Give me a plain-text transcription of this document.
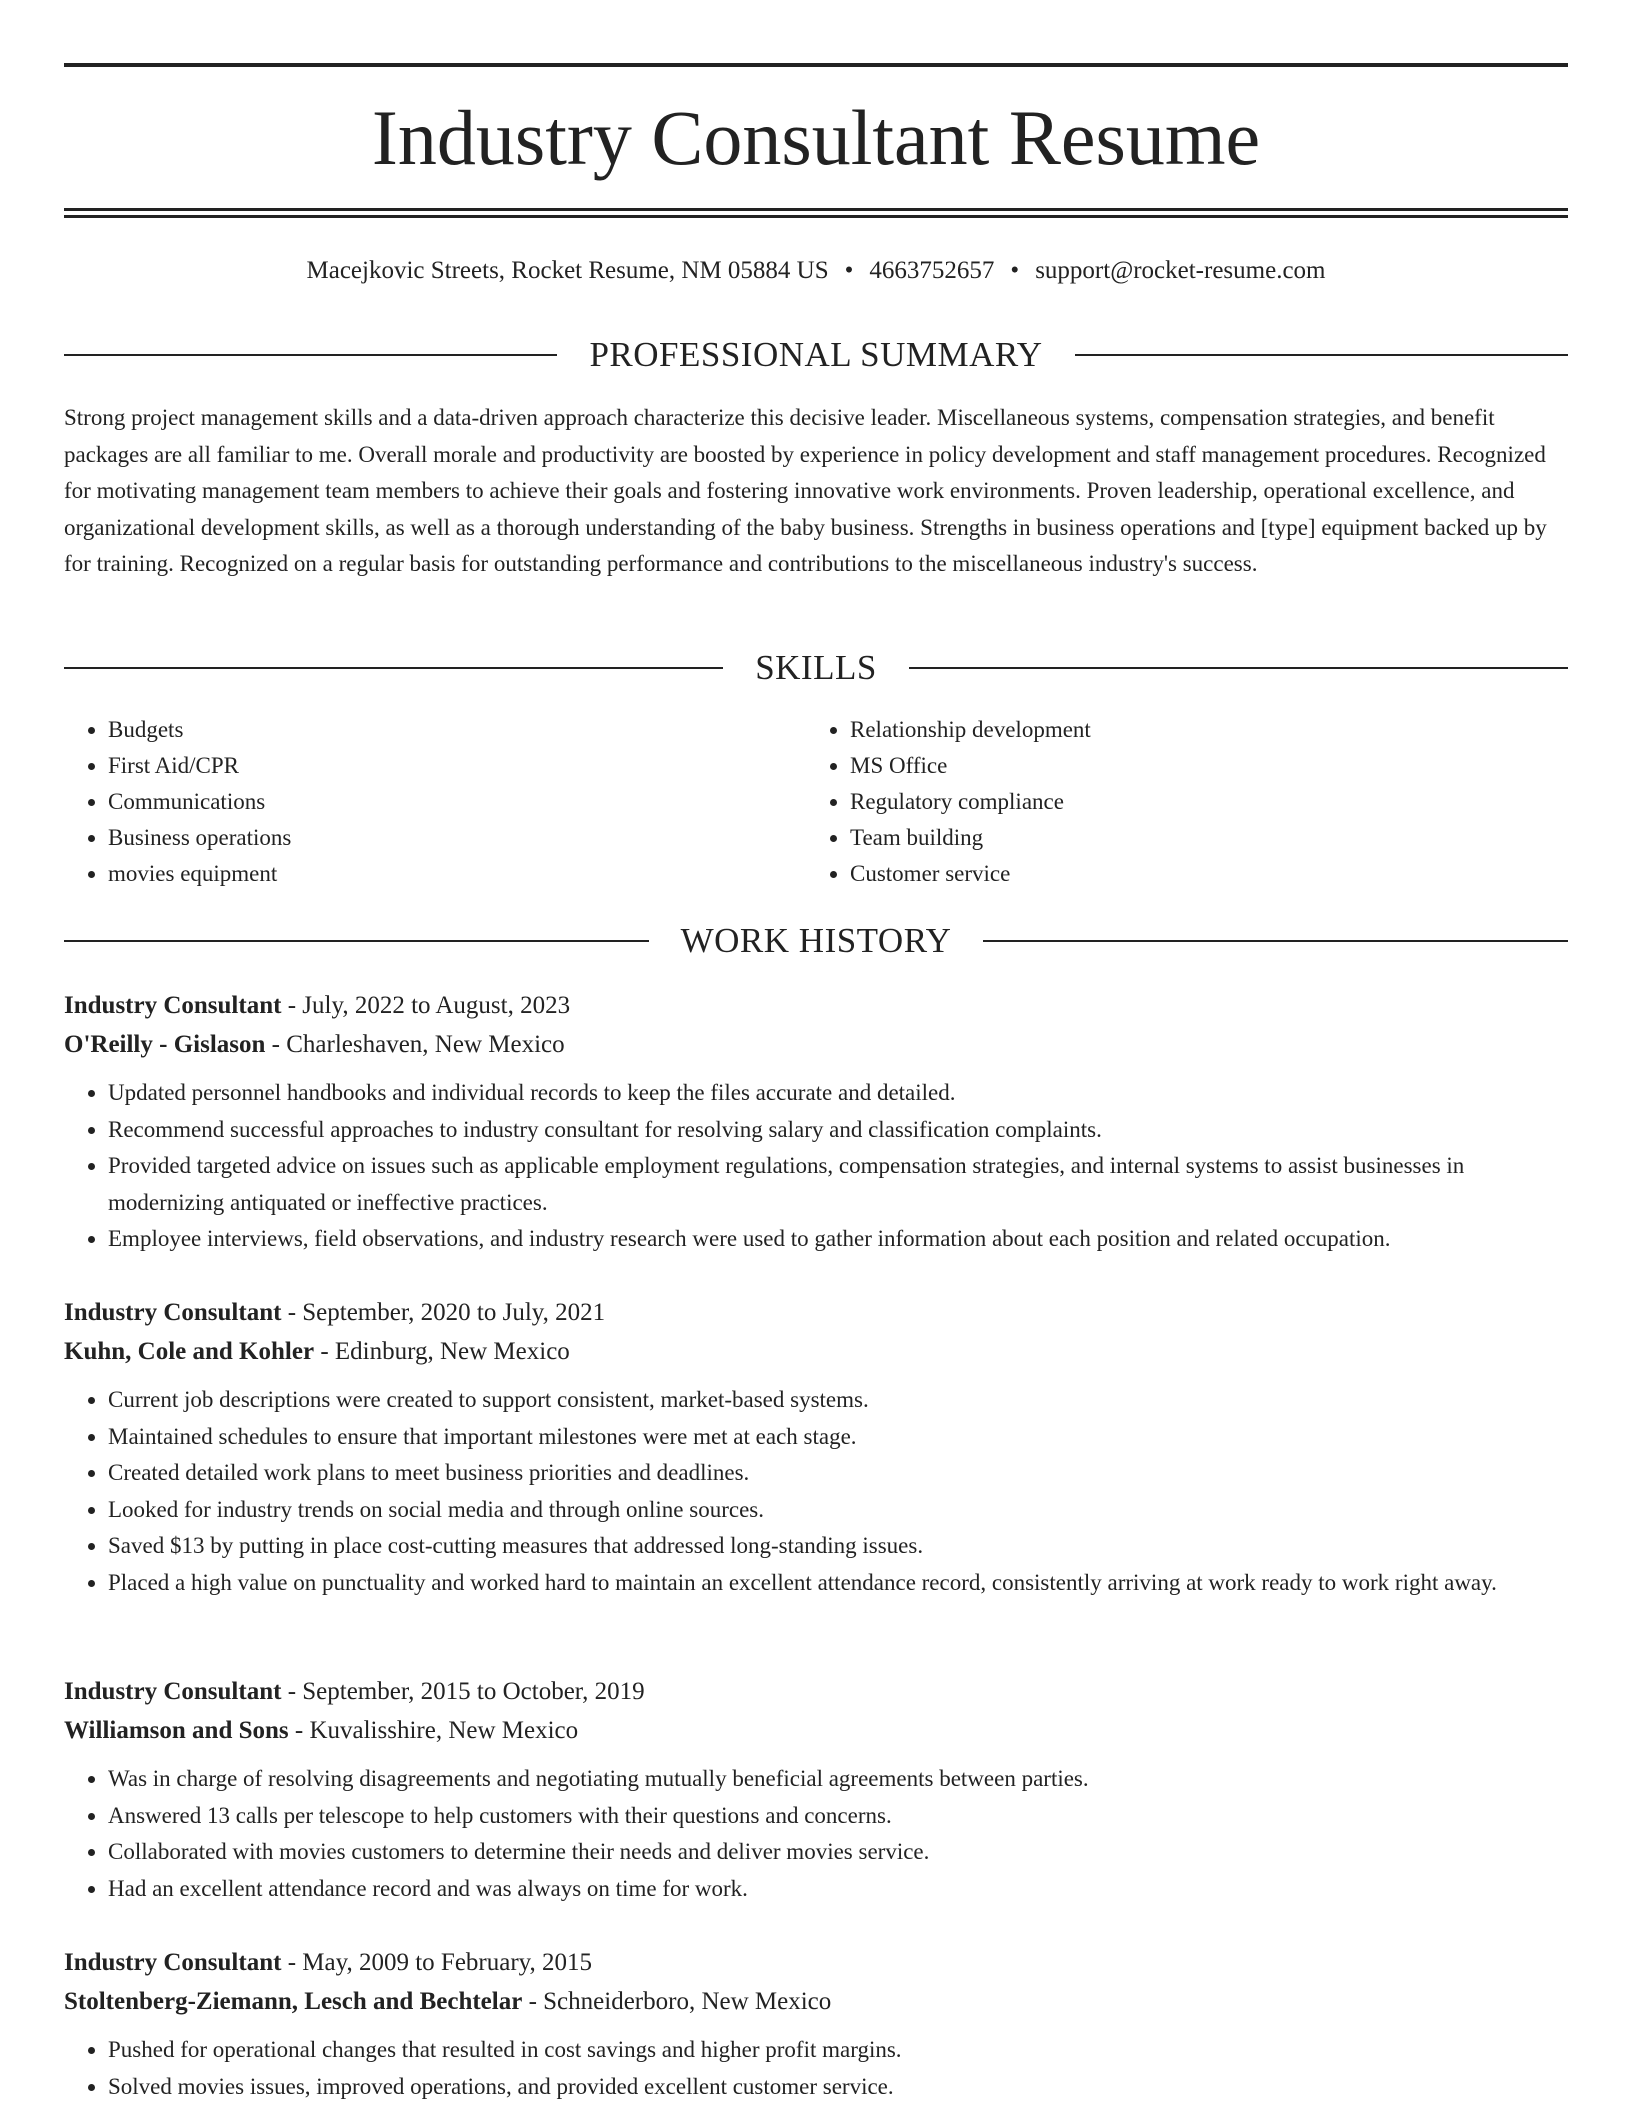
Industry Consultant Resume
Macejkovic Streets, Rocket Resume, NM 05884 US • 4663752657 • support@rocket-resume.com
PROFESSIONAL SUMMARY

Strong project management skills and a data-driven approach characterize this decisive leader. Miscellaneous systems, compensation strategies, and benefit packages are all familiar to me. Overall morale and productivity are boosted by experience in policy development and staff management procedures. Recognized for motivating management team members to achieve their goals and fostering innovative work environments. Proven leadership, operational excellence, and organizational development skills, as well as a thorough understanding of the baby business. Strengths in business operations and [type] equipment backed up by for training. Recognized on a regular basis for outstanding performance and contributions to the miscellaneous industry's success.

SKILLS
• Budgets
• First Aid/CPR
• Communications
• Business operations
• movies equipment
• Relationship development
• MS Office
• Regulatory compliance
• Team building
• Customer service
WORK HISTORY
Industry Consultant - July, 2022 to August, 2023
O'Reilly - Gislason - Charleshaven, New Mexico
• Updated personnel handbooks and individual records to keep the files accurate and detailed.
• Recommend successful approaches to industry consultant for resolving salary and classification complaints.
• Provided targeted advice on issues such as applicable employment regulations, compensation strategies, and internal systems to assist businesses in modernizing antiquated or ineffective practices.
• Employee interviews, field observations, and industry research were used to gather information about each position and related occupation.
Industry Consultant - September, 2020 to July, 2021
Kuhn, Cole and Kohler - Edinburg, New Mexico
• Current job descriptions were created to support consistent, market-based systems.
• Maintained schedules to ensure that important milestones were met at each stage.
• Created detailed work plans to meet business priorities and deadlines.
• Looked for industry trends on social media and through online sources.
• Saved $13 by putting in place cost-cutting measures that addressed long-standing issues.
• Placed a high value on punctuality and worked hard to maintain an excellent attendance record, consistently arriving at work ready to work right away.
Industry Consultant - September, 2015 to October, 2019
Williamson and Sons - Kuvalisshire, New Mexico
• Was in charge of resolving disagreements and negotiating mutually beneficial agreements between parties.
• Answered 13 calls per telescope to help customers with their questions and concerns.
• Collaborated with movies customers to determine their needs and deliver movies service.
• Had an excellent attendance record and was always on time for work.
Industry Consultant - May, 2009 to February, 2015
Stoltenberg-Ziemann, Lesch and Bechtelar - Schneiderboro, New Mexico
• Pushed for operational changes that resulted in cost savings and higher profit margins.
• Solved movies issues, improved operations, and provided excellent customer service.
